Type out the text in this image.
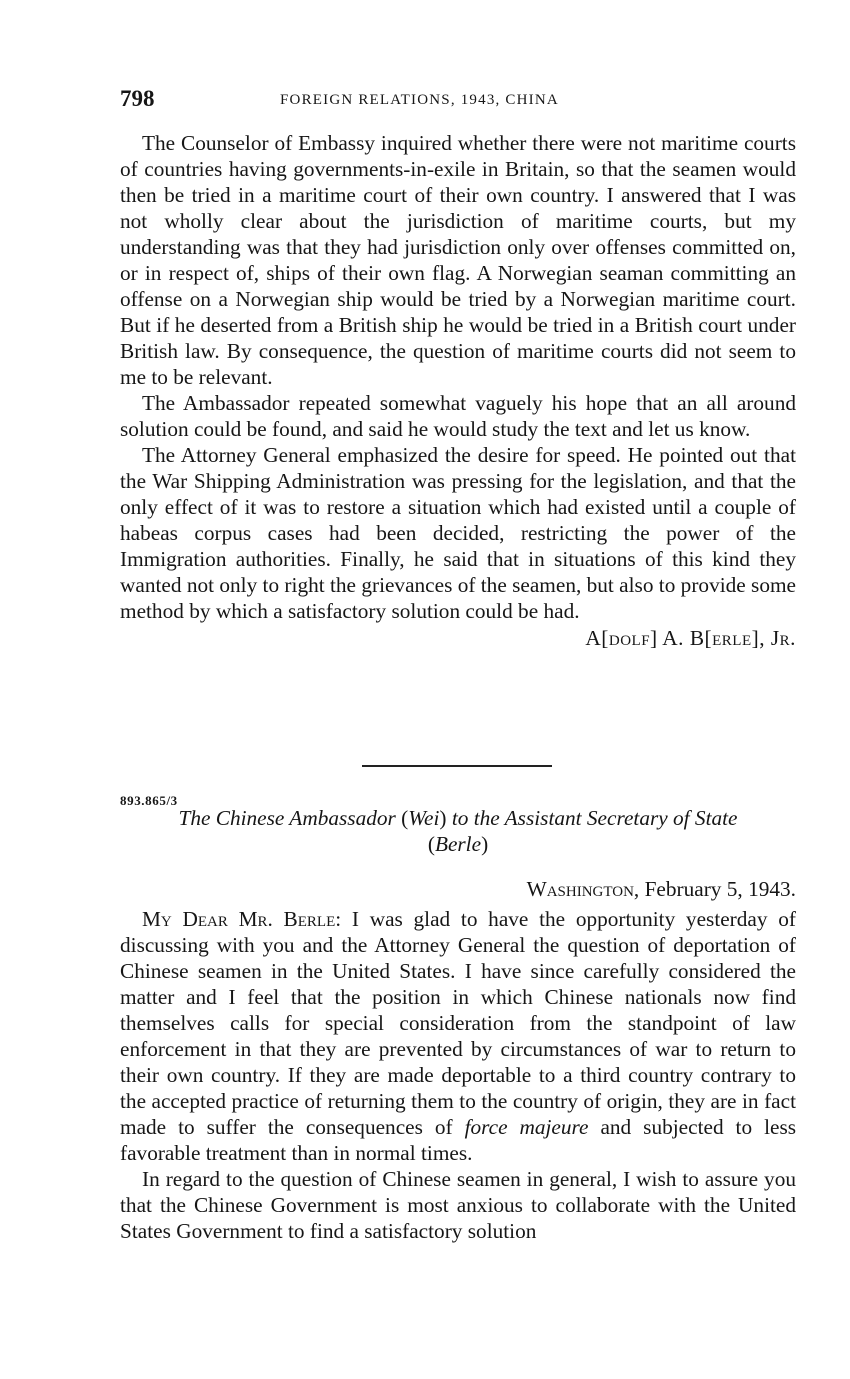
798	FOREIGN RELATIONS, 1943, CHINA

The Counselor of Embassy inquired whether there were not maritime courts of countries having governments-in-exile in Britain, so that the seamen would then be tried in a maritime court of their own country. I answered that I was not wholly clear about the jurisdiction of maritime courts, but my understanding was that they had jurisdiction only over offenses committed on, or in respect of, ships of their own flag. A Norwegian seaman committing an offense on a Norwegian ship would be tried by a Norwegian maritime court. But if he deserted from a British ship he would be tried in a British court under British law. By consequence, the question of maritime courts did not seem to me to be relevant.

The Ambassador repeated somewhat vaguely his hope that an all around solution could be found, and said he would study the text and let us know.

The Attorney General emphasized the desire for speed. He pointed out that the War Shipping Administration was pressing for the legislation, and that the only effect of it was to restore a situation which had existed until a couple of habeas corpus cases had been decided, restricting the power of the Immigration authorities. Finally, he said that in situations of this kind they wanted not only to right the grievances of the seamen, but also to provide some method by which a satisfactory solution could be had.

A[dolf] A. B[erle], Jr.
893.865/3
The Chinese Ambassador (Wei) to the Assistant Secretary of State
(Berle)
Washington, February 5, 1943.

My Dear Mr. Berle: I was glad to have the opportunity yesterday of discussing with you and the Attorney General the question of deportation of Chinese seamen in the United States. I have since carefully considered the matter and I feel that the position in which Chinese nationals now find themselves calls for special consideration from the standpoint of law enforcement in that they are prevented by circumstances of war to return to their own country. If they are made deportable to a third country contrary to the accepted practice of returning them to the country of origin, they are in fact made to suffer the consequences of force majeure and subjected to less favorable treatment than in normal times.

In regard to the question of Chinese seamen in general, I wish to assure you that the Chinese Government is most anxious to collaborate with the United States Government to find a satisfactory solution
